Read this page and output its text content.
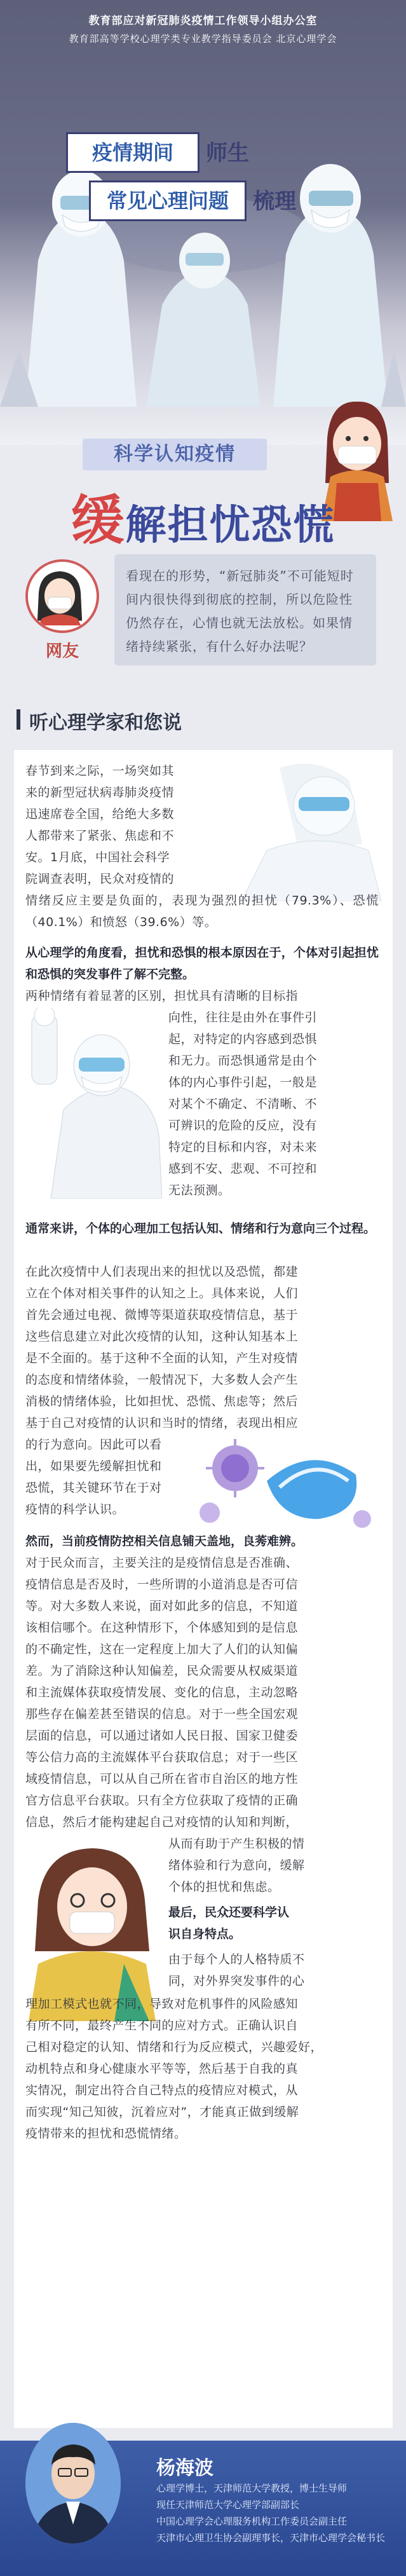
教育部应对新冠肺炎疫情工作领导小组办公室
教育部高等学校心理学类专业教学指导委员会 北京心理学会
疫情期间	师生
常见心理问题	梳理
科学认知疫情
缓解担忧恐慌
网友

看现在的形势，“新冠肺炎”不可能短时间内很快得到彻底的控制，所以危险性仍然存在，心情也就无法放松。如果情绪持续紧张，有什么好办法呢？

听心理学家和您说
春节到来之际，一场突如其
来的新型冠状病毒肺炎疫情
迅速席卷全国，给绝大多数
人都带来了紧张、焦虑和不
安。1月底，中国社会科学
院调查表明，民众对疫情的
情绪反应主要是负面的，表现为强烈的担忧（79.3%）、恐慌（40.1%）和愤怒（39.6%）等。
从心理学的角度看，担忧和恐惧的根本原因在于，个体对引起担忧和恐惧的突发事件了解不完整。
两种情绪有着显著的区别，担忧具有清晰的目标指
向性，往往是由外在事件引
起，对特定的内容感到恐惧
和无力。而恐惧通常是由个
体的内心事件引起，一般是
对某个不确定、不清晰、不
可辨识的危险的反应，没有
特定的目标和内容，对未来
感到不安、悲观、不可控和
无法预测。
通常来讲，个体的心理加工包括认知、情绪和行为意向三个过程。
在此次疫情中人们表现出来的担忧以及恐慌，都建
立在个体对相关事件的认知之上。具体来说，人们
首先会通过电视、微博等渠道获取疫情信息，基于
这些信息建立对此次疫情的认知，这种认知基本上
是不全面的。基于这种不全面的认知，产生对疫情
的态度和情绪体验，一般情况下，大多数人会产生
消极的情绪体验，比如担忧、恐慌、焦虑等；然后
基于自己对疫情的认识和当时的情绪，表现出相应
的行为意向。因此可以看
出，如果要先缓解担忧和
恐慌，其关键环节在于对
疫情的科学认识。
然而，当前疫情防控相关信息铺天盖地，良莠难辨。
对于民众而言，主要关注的是疫情信息是否准确、
疫情信息是否及时，一些所谓的小道消息是否可信
等。对大多数人来说，面对如此多的信息，不知道
该相信哪个。在这种情形下，个体感知到的是信息
的不确定性，这在一定程度上加大了人们的认知偏
差。为了消除这种认知偏差，民众需要从权威渠道
和主流媒体获取疫情发展、变化的信息，主动忽略
那些存在偏差甚至错误的信息。对于一些全国宏观
层面的信息，可以通过诸如人民日报、国家卫健委
等公信力高的主流媒体平台获取信息；对于一些区
域疫情信息，可以从自己所在省市自治区的地方性
官方信息平台获取。只有全方位获取了疫情的正确
信息，然后才能构建起自己对疫情的认知和判断，
从而有助于产生积极的情
绪体验和行为意向，缓解
个体的担忧和焦虑。
最后，民众还要科学认
识自身特点。
由于每个人的人格特质不
同，对外界突发事件的心
理加工模式也就不同，导致对危机事件的风险感知
有所不同，最终产生不同的应对方式。正确认识自
己相对稳定的认知、情绪和行为反应模式，兴趣爱好，
动机特点和身心健康水平等等，然后基于自我的真
实情况，制定出符合自己特点的疫情应对模式，从
而实现“知己知彼，沉着应对”，才能真正做到缓解
疫情带来的担忧和恐慌情绪。
杨海波
心理学博士，天津师范大学教授，博士生导师
现任天津师范大学心理学部副部长
中国心理学会心理服务机构工作委员会副主任
天津市心理卫生协会副理事长，天津市心理学会秘书长
